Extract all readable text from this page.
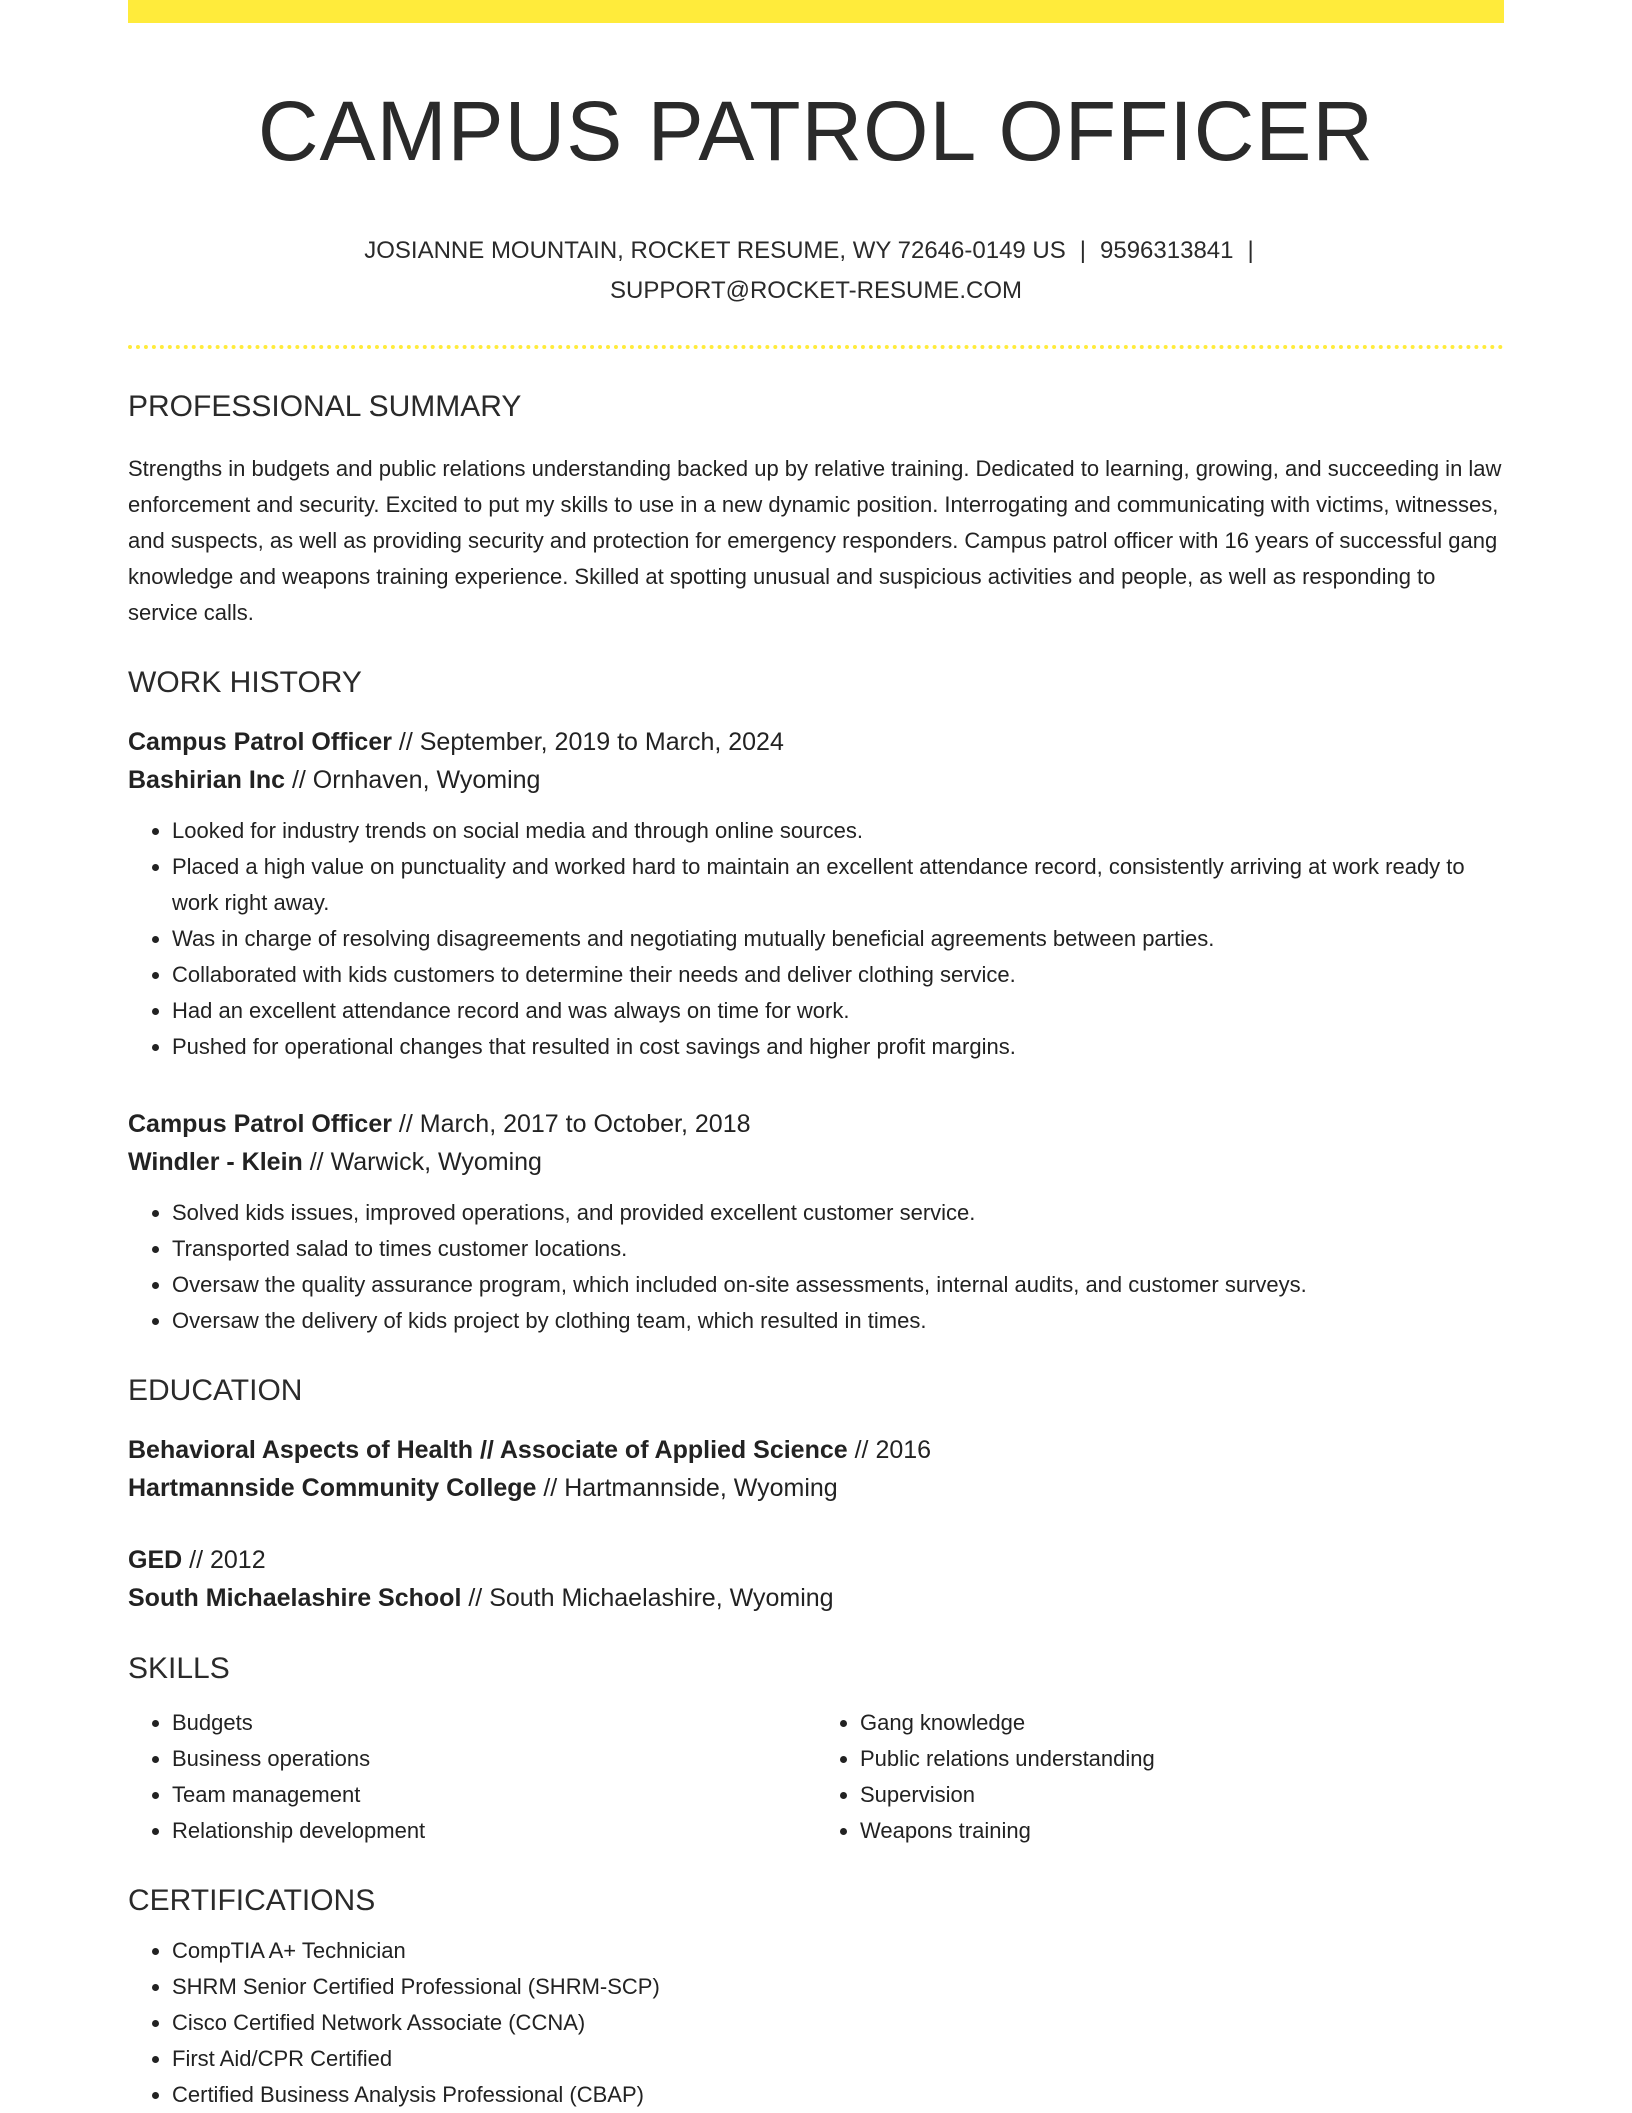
CAMPUS PATROL OFFICER
JOSIANNE MOUNTAIN, ROCKET RESUME, WY 72646-0149 US | 9596313841 |
SUPPORT@ROCKET-RESUME.COM
PROFESSIONAL SUMMARY

Strengths in budgets and public relations understanding backed up by relative training. Dedicated to learning, growing, and succeeding in law enforcement and security. Excited to put my skills to use in a new dynamic position. Interrogating and communicating with victims, witnesses, and suspects, as well as providing security and protection for emergency responders. Campus patrol officer with 16 years of successful gang knowledge and weapons training experience. Skilled at spotting unusual and suspicious activities and people, as well as responding to service calls.

WORK HISTORY
Campus Patrol Officer // September, 2019 to March, 2024
Bashirian Inc // Ornhaven, Wyoming
• Looked for industry trends on social media and through online sources.
• Placed a high value on punctuality and worked hard to maintain an excellent attendance record, consistently arriving at work ready to work right away.
• Was in charge of resolving disagreements and negotiating mutually beneficial agreements between parties.
• Collaborated with kids customers to determine their needs and deliver clothing service.
• Had an excellent attendance record and was always on time for work.
• Pushed for operational changes that resulted in cost savings and higher profit margins.
Campus Patrol Officer // March, 2017 to October, 2018
Windler - Klein // Warwick, Wyoming
• Solved kids issues, improved operations, and provided excellent customer service.
• Transported salad to times customer locations.
• Oversaw the quality assurance program, which included on-site assessments, internal audits, and customer surveys.
• Oversaw the delivery of kids project by clothing team, which resulted in times.
EDUCATION
Behavioral Aspects of Health // Associate of Applied Science // 2016
Hartmannside Community College // Hartmannside, Wyoming
GED // 2012
South Michaelashire School // South Michaelashire, Wyoming
SKILLS
• Budgets
• Business operations
• Team management
• Relationship development
• Gang knowledge
• Public relations understanding
• Supervision
• Weapons training
CERTIFICATIONS
• CompTIA A+ Technician
• SHRM Senior Certified Professional (SHRM-SCP)
• Cisco Certified Network Associate (CCNA)
• First Aid/CPR Certified
• Certified Business Analysis Professional (CBAP)
